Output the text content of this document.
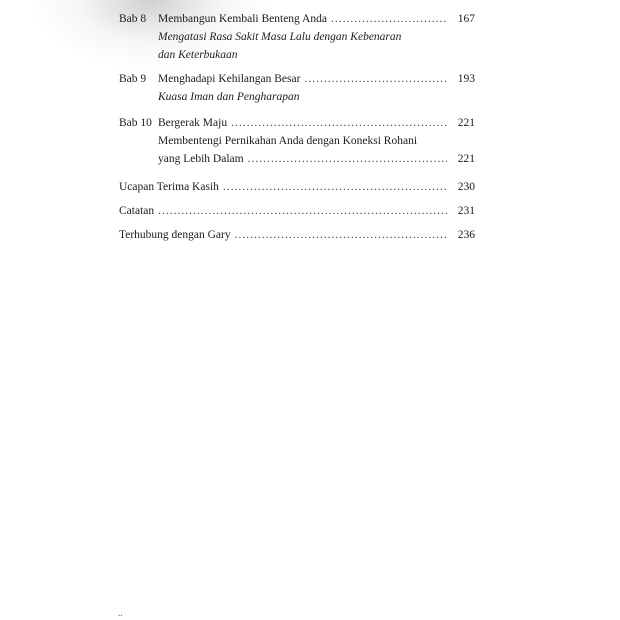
Bab 8	Membangun Kembali Benteng Anda .....	167
Mengatasi Rasa Sakit Masa Lalu dengan Kebenaran
dan Keterbukaan
Bab 9	Menghadapi Kehilangan Besar .....	193
Kuasa Iman dan Pengharapan
Bab 10 Bergerak Maju .....	221
Membentengi Pernikahan Anda dengan Koneksi Rohani
yang Lebih Dalam .....	221
Ucapan Terima Kasih .....	230
Catatan .....	231
Terhubung dengan Gary .....	236
..
